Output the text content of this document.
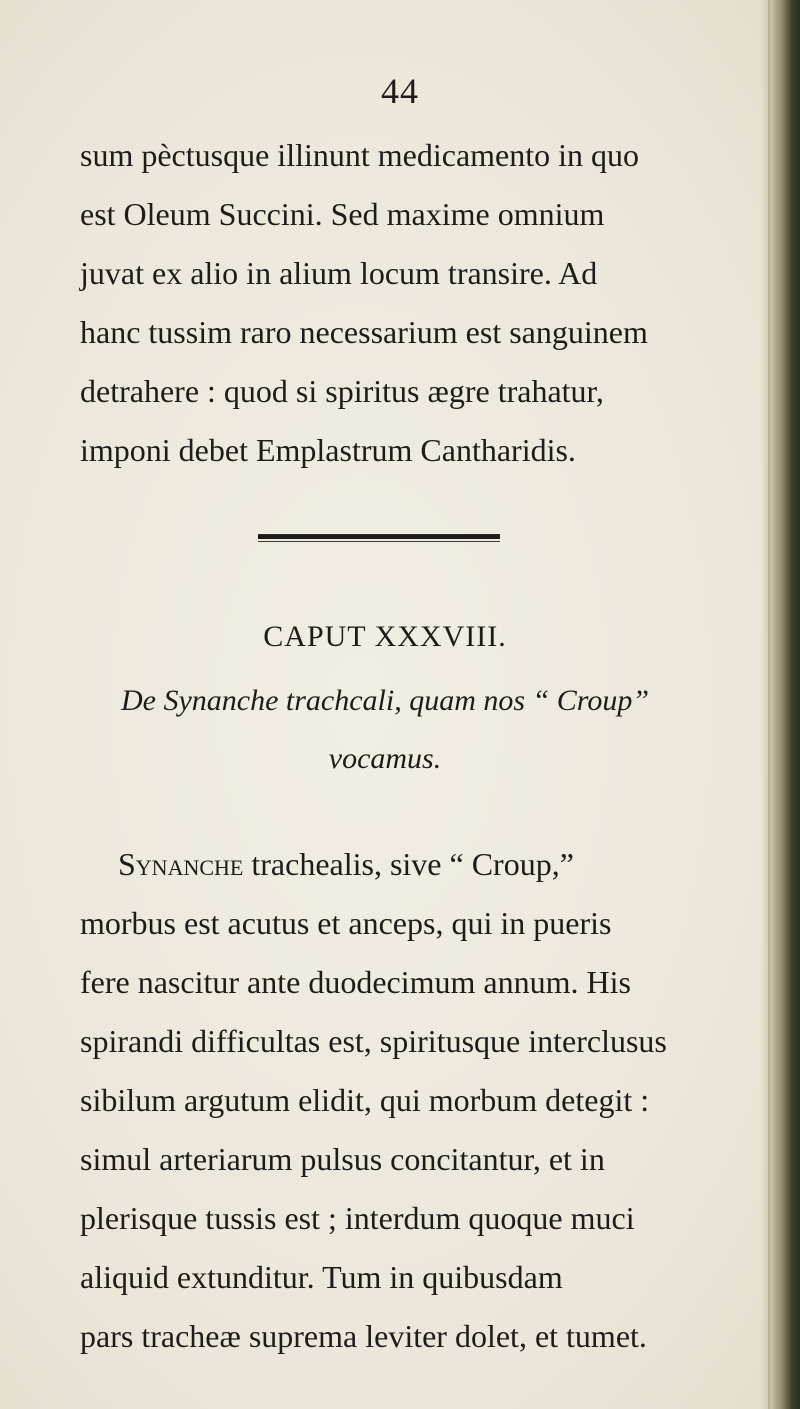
44
sum pèctusque illinunt medicamento in quo
est Oleum Succini. Sed maxime omnium
juvat ex alio in alium locum transire. Ad
hanc tussim raro necessarium est sanguinem
detrahere : quod si spiritus ægre trahatur,
imponi debet Emplastrum Cantharidis.
CAPUT XXXVIII.
De Synanche trachcali, quam nos “ Croup”
vocamus.
Synanche trachealis, sive “ Croup,”
morbus est acutus et anceps, qui in pueris
fere nascitur ante duodecimum annum. His
spirandi difficultas est, spiritusque interclusus
sibilum argutum elidit, qui morbum detegit :
simul arteriarum pulsus concitantur, et in
plerisque tussis est ; interdum quoque muci
aliquid extunditur. Tum in quibusdam
pars tracheæ suprema leviter dolet, et tumet.
